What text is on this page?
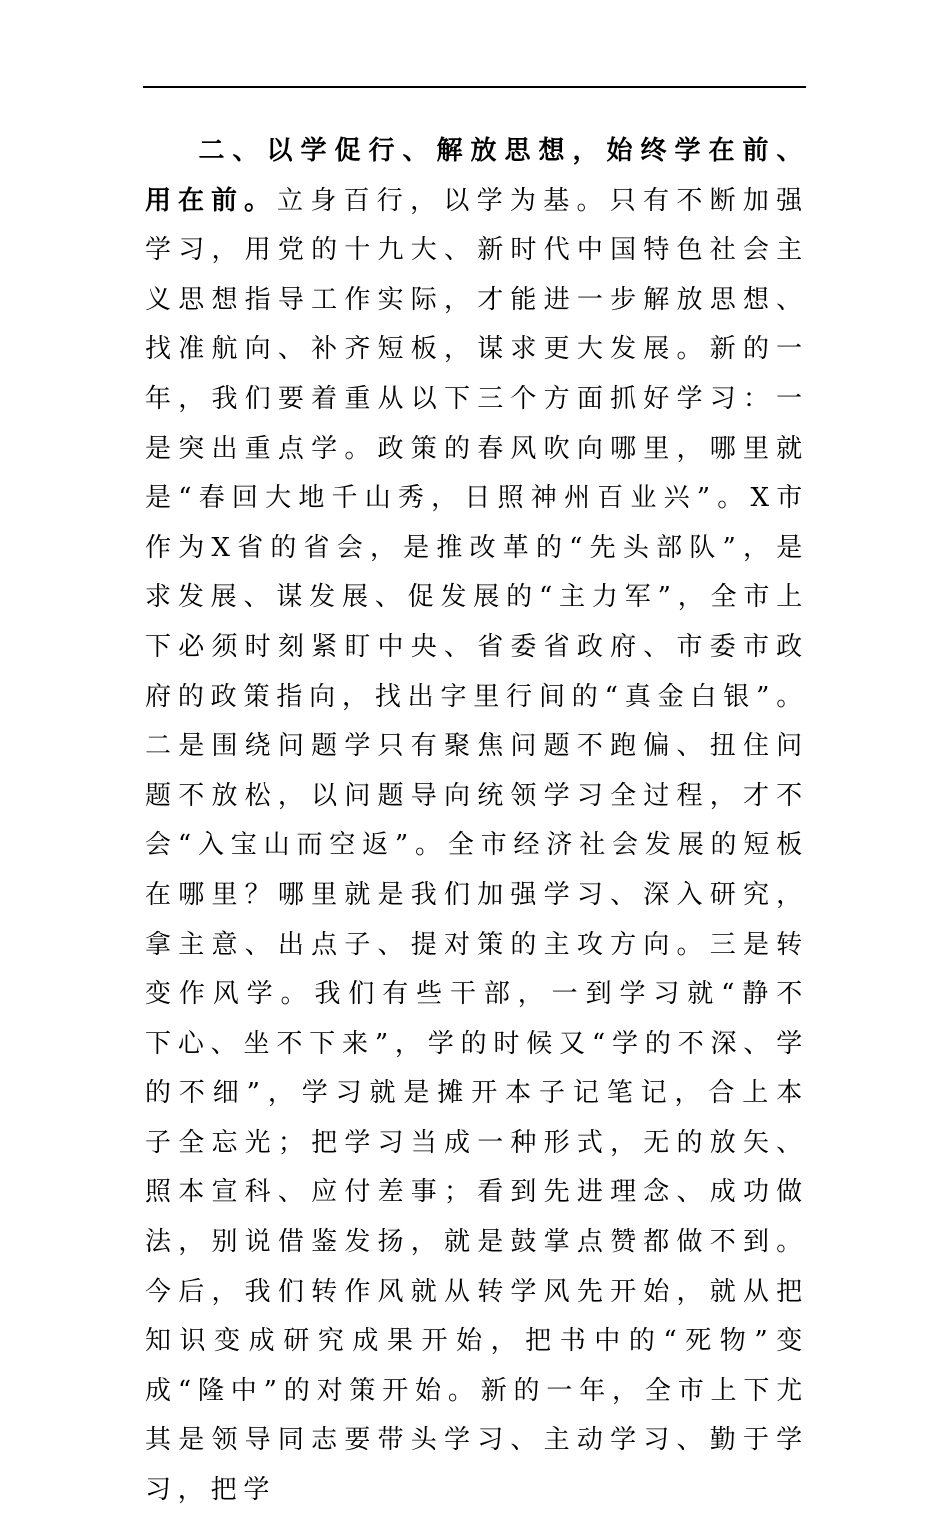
二、以学促行、解放思想，始终学在前、用在前。立身百行，以学为基。只有不断加强学习，用党的十九大、新时代中国特色社会主义思想指导工作实际，才能进一步解放思想、找准航向、补齐短板，谋求更大发展。新的一年，我们要着重从以下三个方面抓好学习：一是突出重点学。政策的春风吹向哪里，哪里就是“春回大地千山秀，日照神州百业兴”。X市作为X省的省会，是推改革的“先头部队”，是求发展、谋发展、促发展的“主力军”，全市上下必须时刻紧盯中央、省委省政府、市委市政府的政策指向，找出字里行间的“真金白银”。二是围绕问题学只有聚焦问题不跑偏、扭住问题不放松，以问题导向统领学习全过程，才不会“入宝山而空返”。全市经济社会发展的短板在哪里？哪里就是我们加强学习、深入研究，拿主意、出点子、提对策的主攻方向。三是转变作风学。我们有些干部，一到学习就“静不下心、坐不下来”，学的时候又“学的不深、学的不细”，学习就是摊开本子记笔记，合上本子全忘光；把学习当成一种形式，无的放矢、照本宣科、应付差事；看到先进理念、成功做法，别说借鉴发扬，就是鼓掌点赞都做不到。今后，我们转作风就从转学风先开始，就从把知识变成研究成果开始，把书中的“死物”变成“隆中”的对策开始。新的一年，全市上下尤其是领导同志要带头学习、主动学习、勤于学习，把学
